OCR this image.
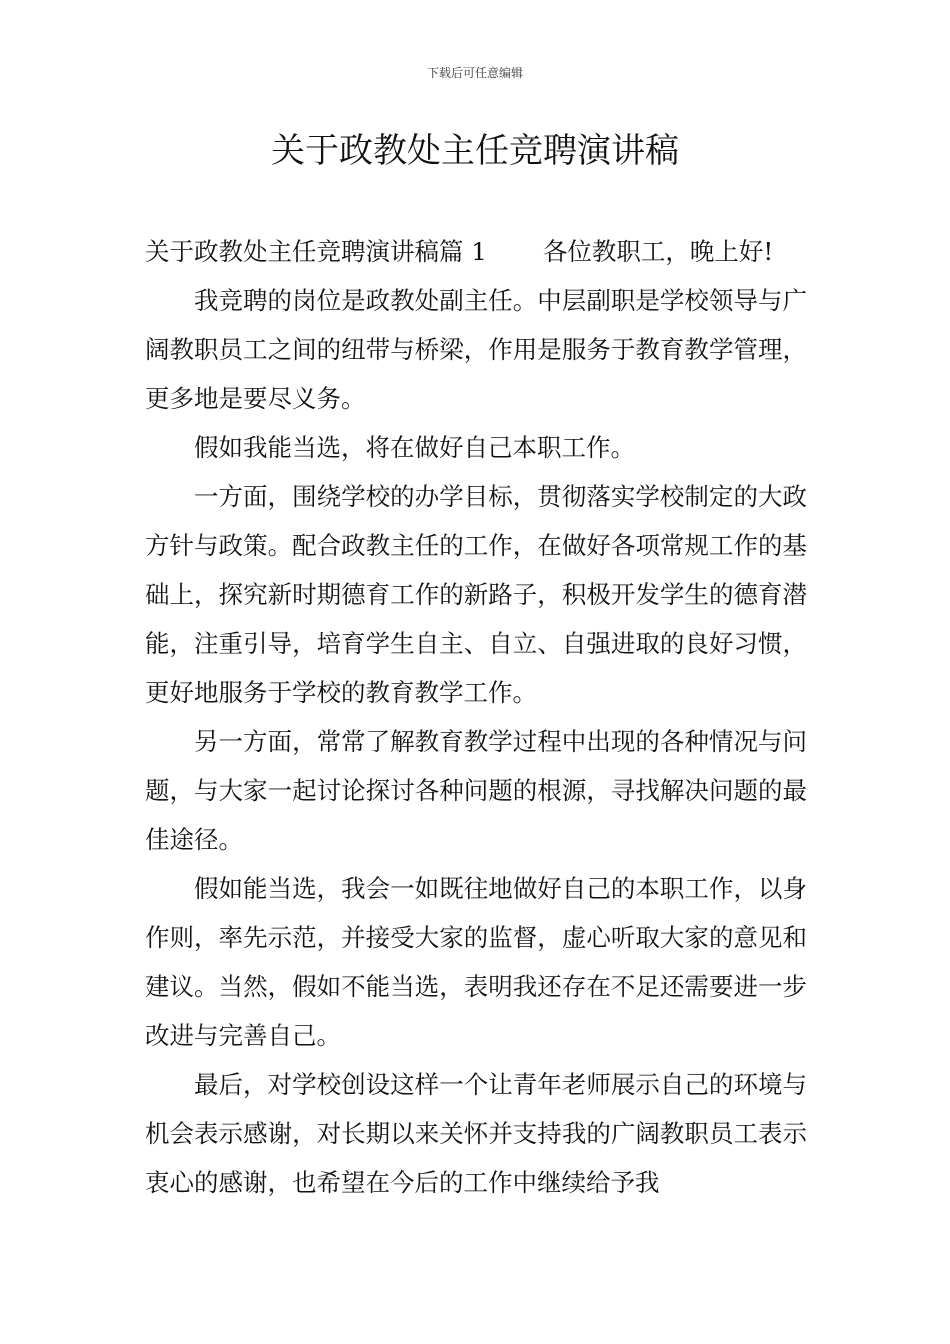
下载后可任意编辑
关于政教处主任竞聘演讲稿

关于政教处主任竞聘演讲稿篇 1 各位教职工，晚上好!

我竞聘的岗位是政教处副主任。中层副职是学校领导与广阔教职员工之间的纽带与桥梁，作用是服务于教育教学管理，更多地是要尽义务。

假如我能当选，将在做好自己本职工作。

一方面，围绕学校的办学目标，贯彻落实学校制定的大政方针与政策。配合政教主任的工作，在做好各项常规工作的基础上，探究新时期德育工作的新路子，积极开发学生的德育潜能，注重引导，培育学生自主、自立、自强进取的良好习惯，更好地服务于学校的教育教学工作。

另一方面，常常了解教育教学过程中出现的各种情况与问题，与大家一起讨论探讨各种问题的根源，寻找解决问题的最佳途径。

假如能当选，我会一如既往地做好自己的本职工作，以身作则，率先示范，并接受大家的监督，虚心听取大家的意见和建议。当然，假如不能当选，表明我还存在不足还需要进一步改进与完善自己。

最后，对学校创设这样一个让青年老师展示自己的环境与机会表示感谢，对长期以来关怀并支持我的广阔教职员工表示衷心的感谢，也希望在今后的工作中继续给予我
